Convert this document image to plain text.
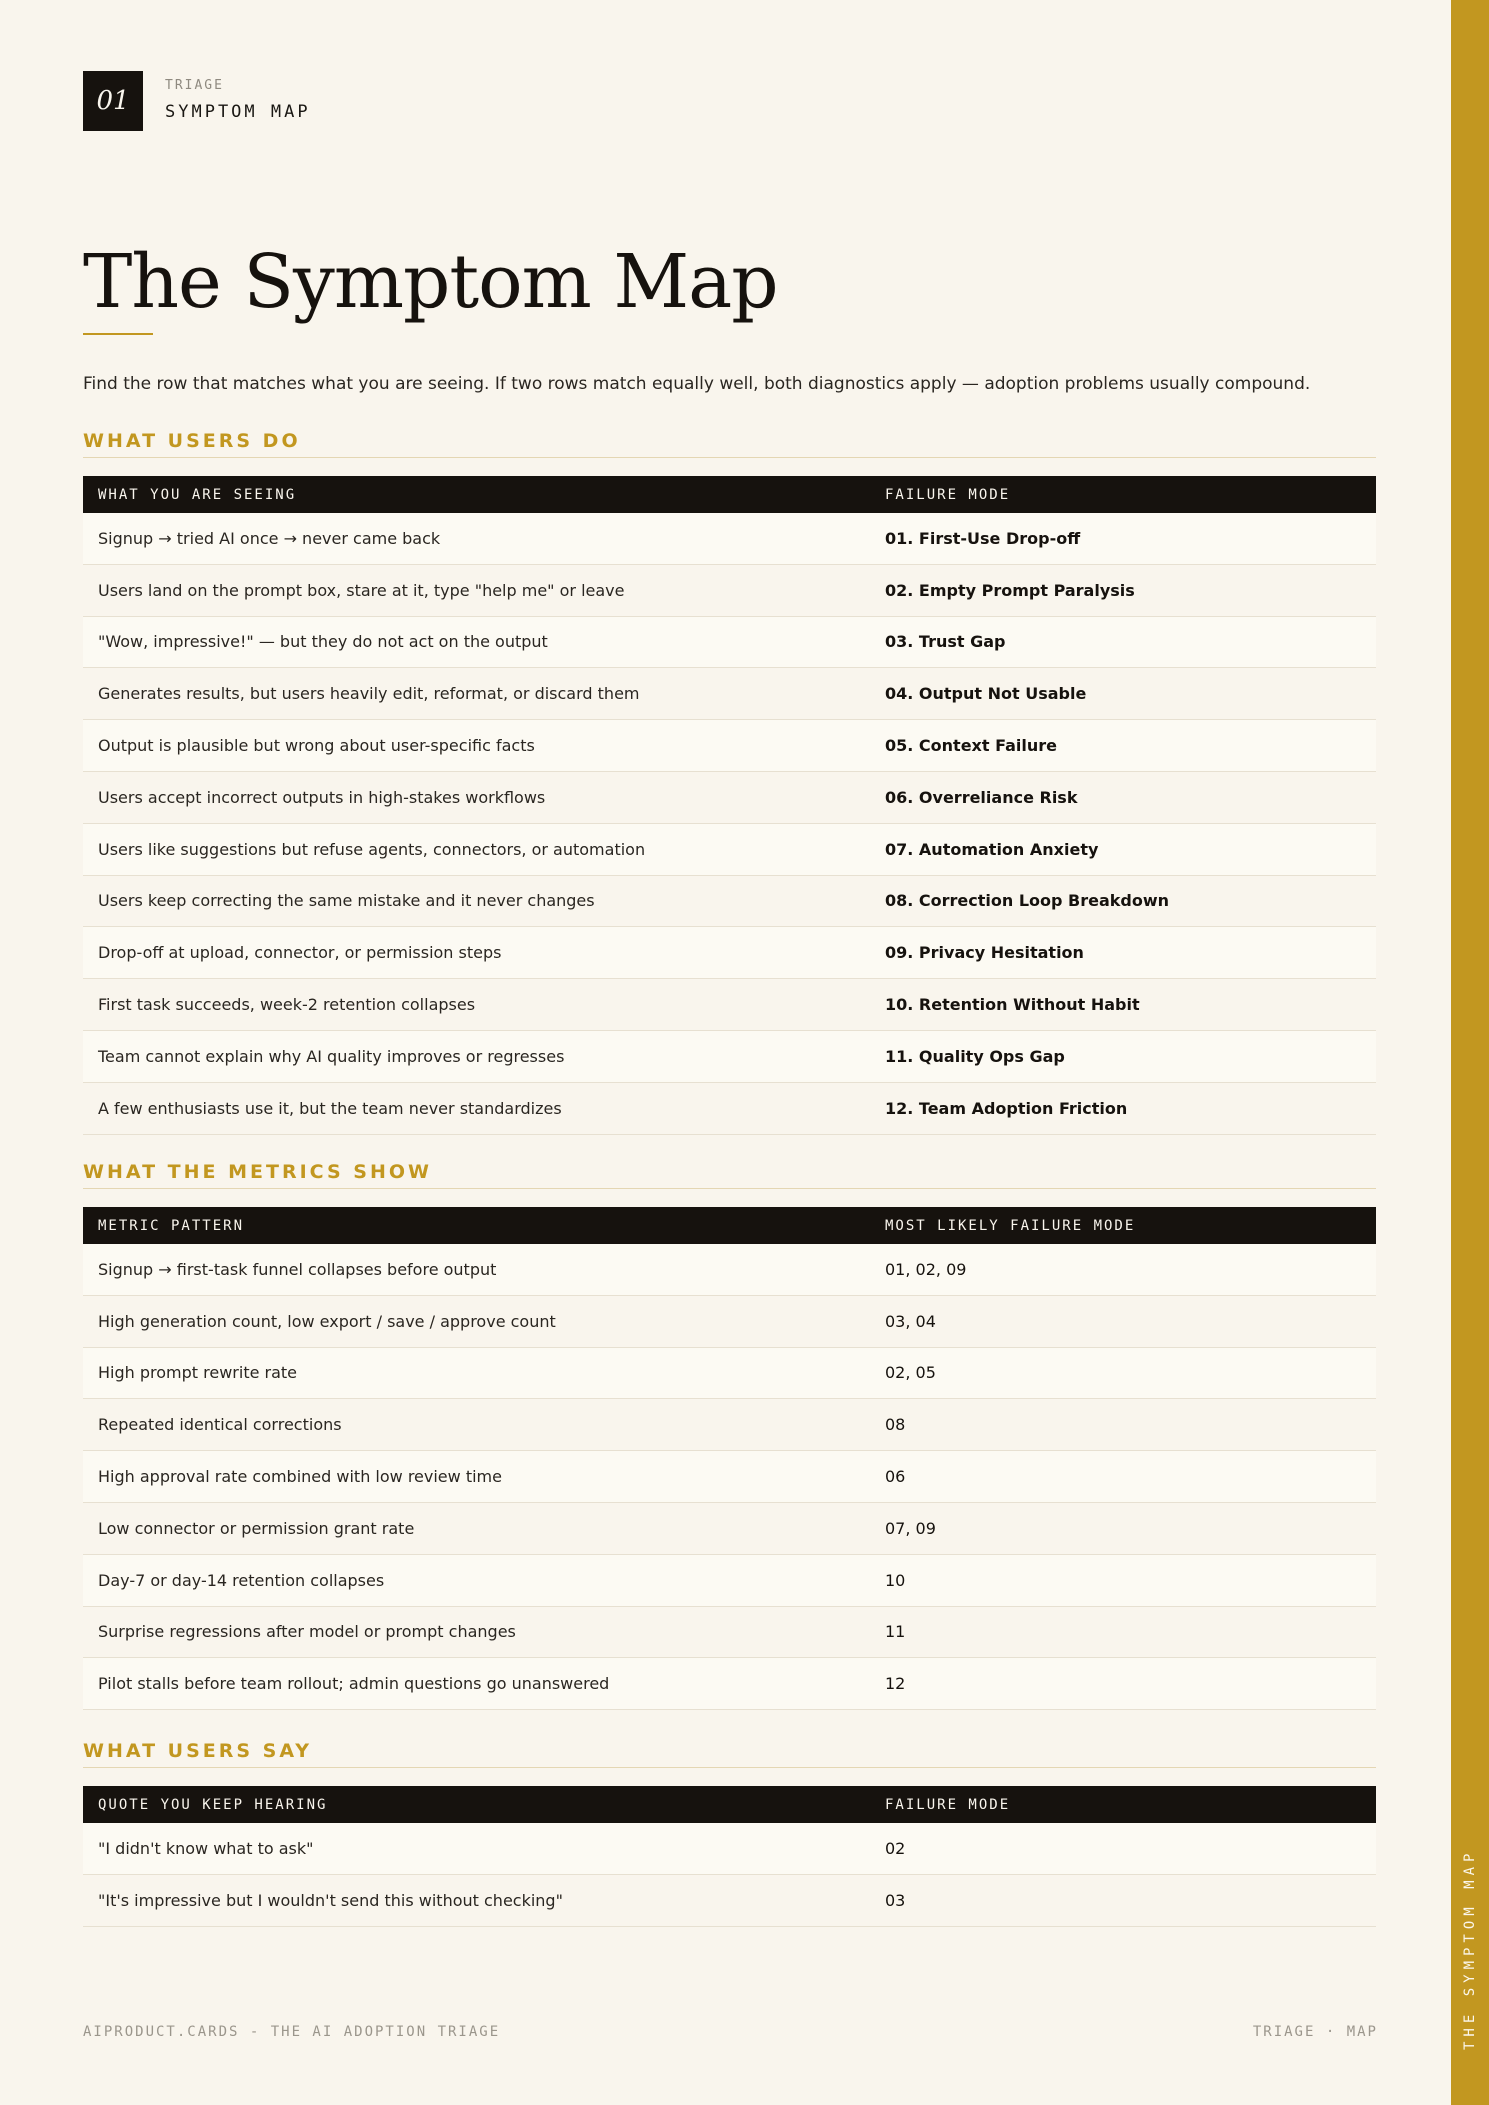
01
TRIAGE
SYMPTOM MAP
The Symptom Map
Find the row that matches what you are seeing. If two rows match equally well, both diagnostics apply — adoption problems usually compound.
WHAT USERS DO
WHAT YOU ARE SEEING	FAILURE MODE
Signup → tried AI once → never came back	01. First-Use Drop-off
Users land on the prompt box, stare at it, type "help me" or leave	02. Empty Prompt Paralysis
"Wow, impressive!" — but they do not act on the output	03. Trust Gap
Generates results, but users heavily edit, reformat, or discard them	04. Output Not Usable
Output is plausible but wrong about user-specific facts	05. Context Failure
Users accept incorrect outputs in high-stakes workflows	06. Overreliance Risk
Users like suggestions but refuse agents, connectors, or automation	07. Automation Anxiety
Users keep correcting the same mistake and it never changes	08. Correction Loop Breakdown
Drop-off at upload, connector, or permission steps	09. Privacy Hesitation
First task succeeds, week-2 retention collapses	10. Retention Without Habit
Team cannot explain why AI quality improves or regresses	11. Quality Ops Gap
A few enthusiasts use it, but the team never standardizes	12. Team Adoption Friction
WHAT THE METRICS SHOW
METRIC PATTERN	MOST LIKELY FAILURE MODE
Signup → first-task funnel collapses before output	01, 02, 09
High generation count, low export / save / approve count	03, 04
High prompt rewrite rate	02, 05
Repeated identical corrections	08
High approval rate combined with low review time	06
Low connector or permission grant rate	07, 09
Day-7 or day-14 retention collapses	10
Surprise regressions after model or prompt changes	11
Pilot stalls before team rollout; admin questions go unanswered	12
WHAT USERS SAY
QUOTE YOU KEEP HEARING	FAILURE MODE
"I didn't know what to ask"	02
"It's impressive but I wouldn't send this without checking"	03
AIPRODUCT.CARDS - THE AI ADOPTION TRIAGE	TRIAGE · MAP	THE SYMPTOM MAP
